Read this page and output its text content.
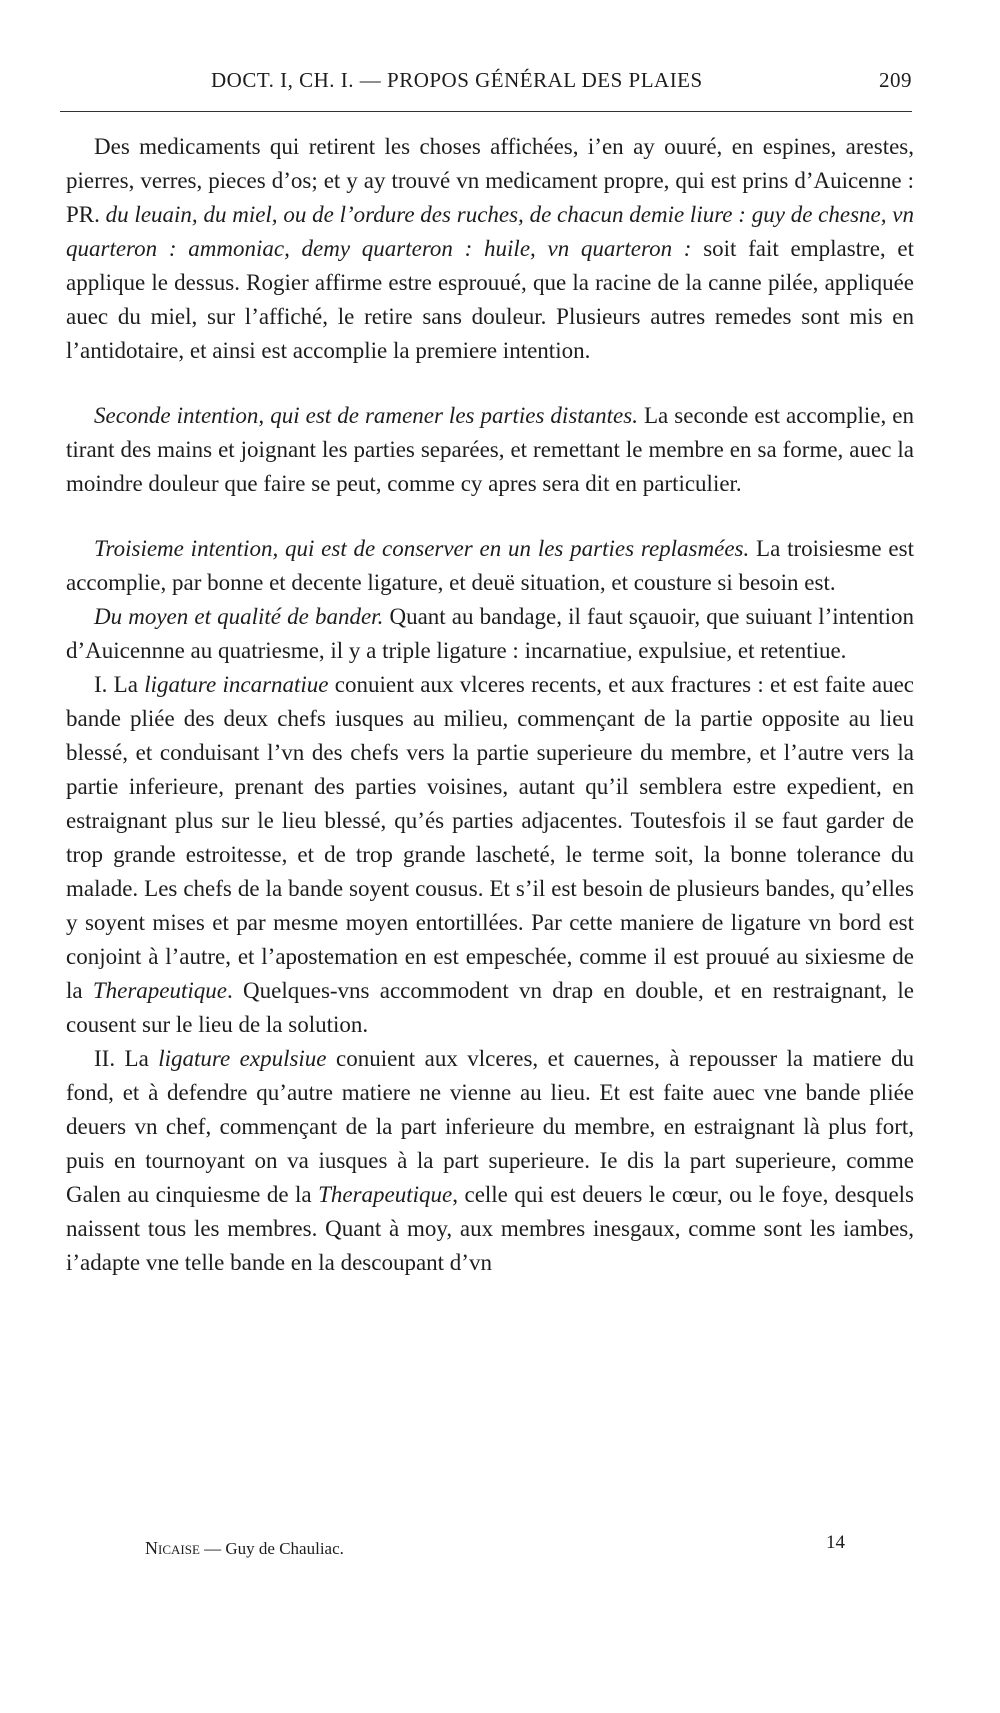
DOCT. I, CH. I. — PROPOS GÉNÉRAL DES PLAIES	209

Des medicaments qui retirent les choses affichées, i’en ay ouuré, en espines, arestes, pierres, verres, pieces d’os; et y ay trouvé vn medicament propre, qui est prins d’Auicenne : PR. du leuain, du miel, ou de l’ordure des ruches, de chacun demie liure : guy de chesne, vn quarteron : ammoniac, demy quarteron : huile, vn quarteron : soit fait emplastre, et applique le dessus. Rogier affirme estre esprouué, que la racine de la canne pilée, appliquée auec du miel, sur l’affiché, le retire sans douleur. Plusieurs autres remedes sont mis en l’antidotaire, et ainsi est accomplie la premiere intention.

Seconde intention, qui est de ramener les parties distantes. La seconde est accomplie, en tirant des mains et joignant les parties separées, et remettant le membre en sa forme, auec la moindre douleur que faire se peut, comme cy apres sera dit en particulier.

Troisieme intention, qui est de conserver en un les parties replasmées. La troisiesme est accomplie, par bonne et decente ligature, et deuë situation, et cousture si besoin est.

Du moyen et qualité de bander. Quant au bandage, il faut sçauoir, que suiuant l’intention d’Auicennne au quatriesme, il y a triple ligature : incarnatiue, expulsiue, et retentiue.

I. La ligature incarnatiue conuient aux vlceres recents, et aux fractures : et est faite auec bande pliée des deux chefs iusques au milieu, commençant de la partie opposite au lieu blessé, et conduisant l’vn des chefs vers la partie superieure du membre, et l’autre vers la partie inferieure, prenant des parties voisines, autant qu’il semblera estre expedient, en estraignant plus sur le lieu blessé, qu’és parties adjacentes. Toutesfois il se faut garder de trop grande estroitesse, et de trop grande lascheté, le terme soit, la bonne tolerance du malade. Les chefs de la bande soyent cousus. Et s’il est besoin de plusieurs bandes, qu’elles y soyent mises et par mesme moyen entortillées. Par cette maniere de ligature vn bord est conjoint à l’autre, et l’apostemation en est empeschée, comme il est prouué au sixiesme de la Therapeutique. Quelques-vns accommodent vn drap en double, et en restraignant, le cousent sur le lieu de la solution.

II. La ligature expulsiue conuient aux vlceres, et cauernes, à repousser la matiere du fond, et à defendre qu’autre matiere ne vienne au lieu. Et est faite auec vne bande pliée deuers vn chef, commençant de la part inferieure du membre, en estraignant là plus fort, puis en tournoyant on va iusques à la part superieure. Ie dis la part superieure, comme Galen au cinquiesme de la Therapeutique, celle qui est deuers le cœur, ou le foye, desquels naissent tous les membres. Quant à moy, aux membres inesgaux, comme sont les iambes, i’adapte vne telle bande en la descoupant d’vn

Nicaise — Guy de Chauliac.	14
